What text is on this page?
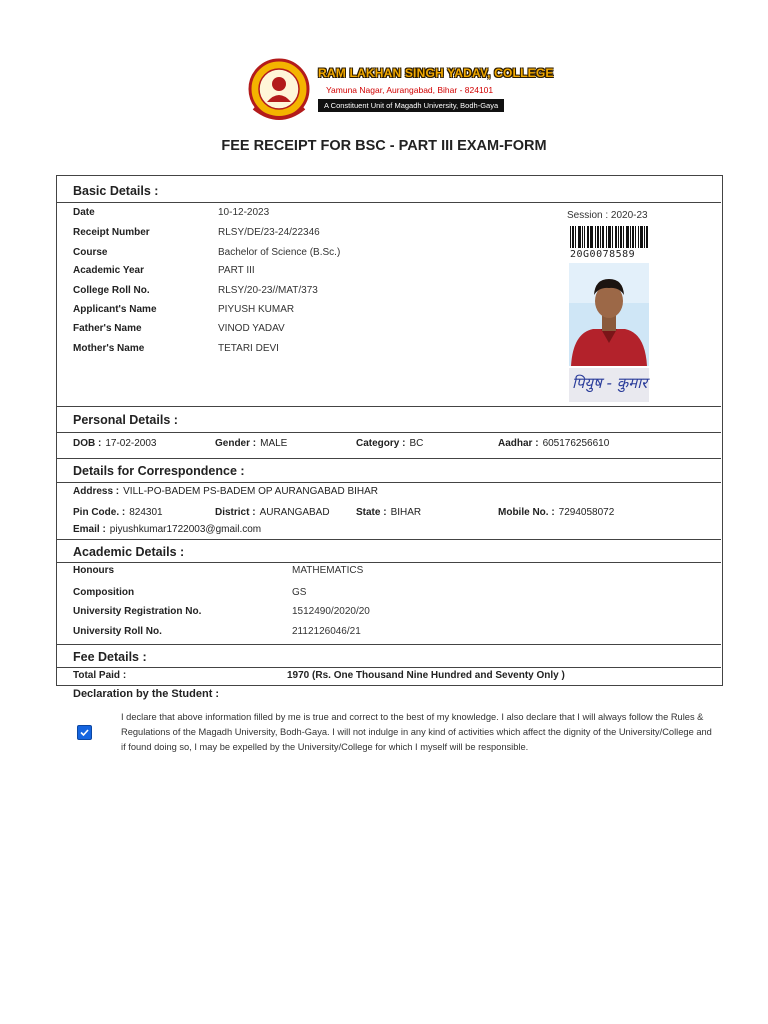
RAM LAKHAN SINGH YADAV, COLLEGE
Yamuna Nagar, Aurangabad, Bihar - 824101
A Constituent Unit of Magadh University, Bodh-Gaya
FEE RECEIPT FOR BSC - PART III EXAM-FORM
Basic Details :
Date	10-12-2023
Receipt Number	RLSY/DE/23-24/22346
Course	Bachelor of Science (B.Sc.)
Academic Year	PART III
College Roll No.	RLSY/20-23//MAT/373
Applicant's Name	PIYUSH KUMAR
Father's Name	VINOD YADAV
Mother's Name	TETARI DEVI
Session : 2020-23
20G0078589
पियुष - कुमार
Personal Details :
DOB : 17-02-2003	Gender : MALE	Category : BC	Aadhar : 605176256610
Details for Correspondence :
Address : VILL-PO-BADEM PS-BADEM OP AURANGABAD BIHAR
Pin Code. : 824301	District : AURANGABAD	State : BIHAR	Mobile No. : 7294058072
Email : piyushkumar1722003@gmail.com
Academic Details :
Honours	MATHEMATICS
Composition	GS
University Registration No.	1512490/2020/20
University Roll No.	2112126046/21
Fee Details :
Total Paid :	1970 (Rs. One Thousand Nine Hundred and Seventy Only )
Declaration by the Student :
I declare that above information filled by me is true and correct to the best of my knowledge. I also declare that I will always follow the Rules & Regulations of the Magadh University, Bodh-Gaya. I will not indulge in any kind of activities which affect the dignity of the University/College and if found doing so, I may be expelled by the University/College for which I myself will be responsible.
